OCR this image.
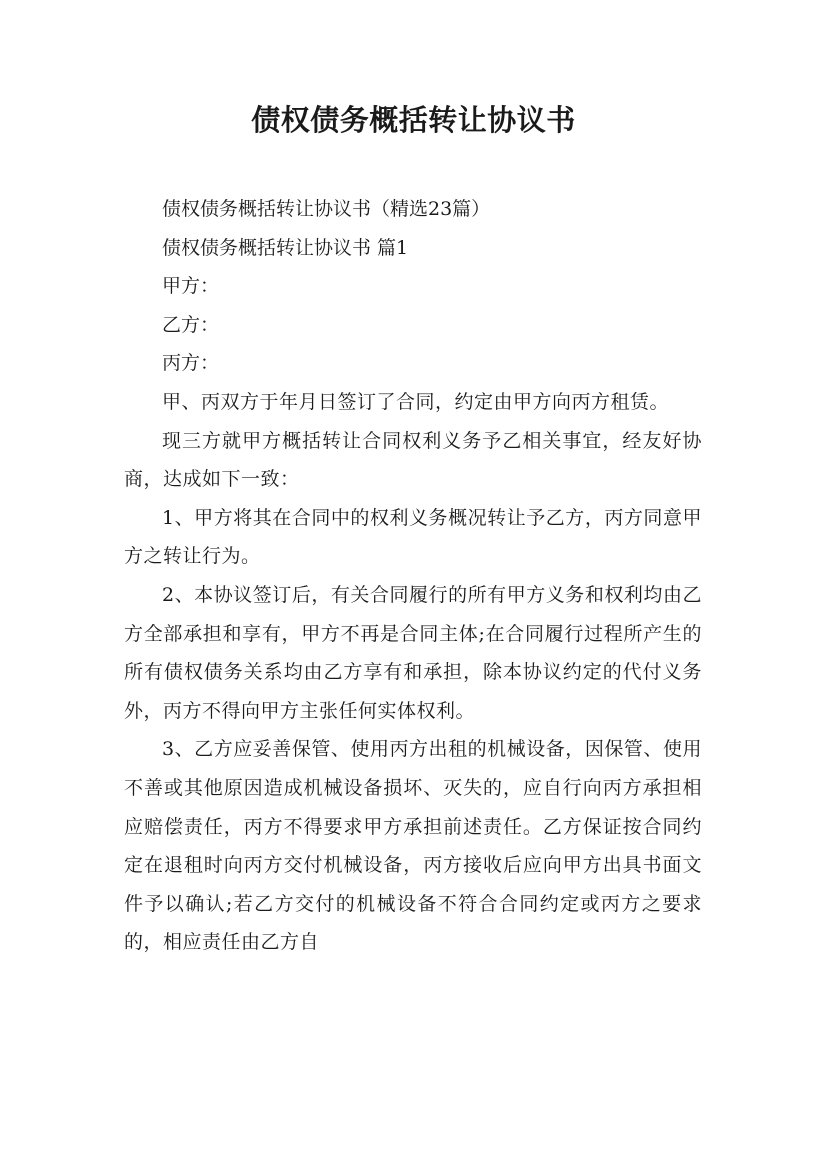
债权债务概括转让协议书

债权债务概括转让协议书（精选23篇）

债权债务概括转让协议书 篇1

甲方：

乙方：

丙方：

甲、丙双方于年月日签订了合同，约定由甲方向丙方租赁。

现三方就甲方概括转让合同权利义务予乙相关事宜，经友好协商，达成如下一致：

1、甲方将其在合同中的权利义务概况转让予乙方，丙方同意甲方之转让行为。

2、本协议签订后，有关合同履行的所有甲方义务和权利均由乙方全部承担和享有，甲方不再是合同主体;在合同履行过程所产生的所有债权债务关系均由乙方享有和承担，除本协议约定的代付义务外，丙方不得向甲方主张任何实体权利。

3、乙方应妥善保管、使用丙方出租的机械设备，因保管、使用不善或其他原因造成机械设备损坏、灭失的，应自行向丙方承担相应赔偿责任，丙方不得要求甲方承担前述责任。乙方保证按合同约定在退租时向丙方交付机械设备，丙方接收后应向甲方出具书面文件予以确认;若乙方交付的机械设备不符合合同约定或丙方之要求的，相应责任由乙方自
